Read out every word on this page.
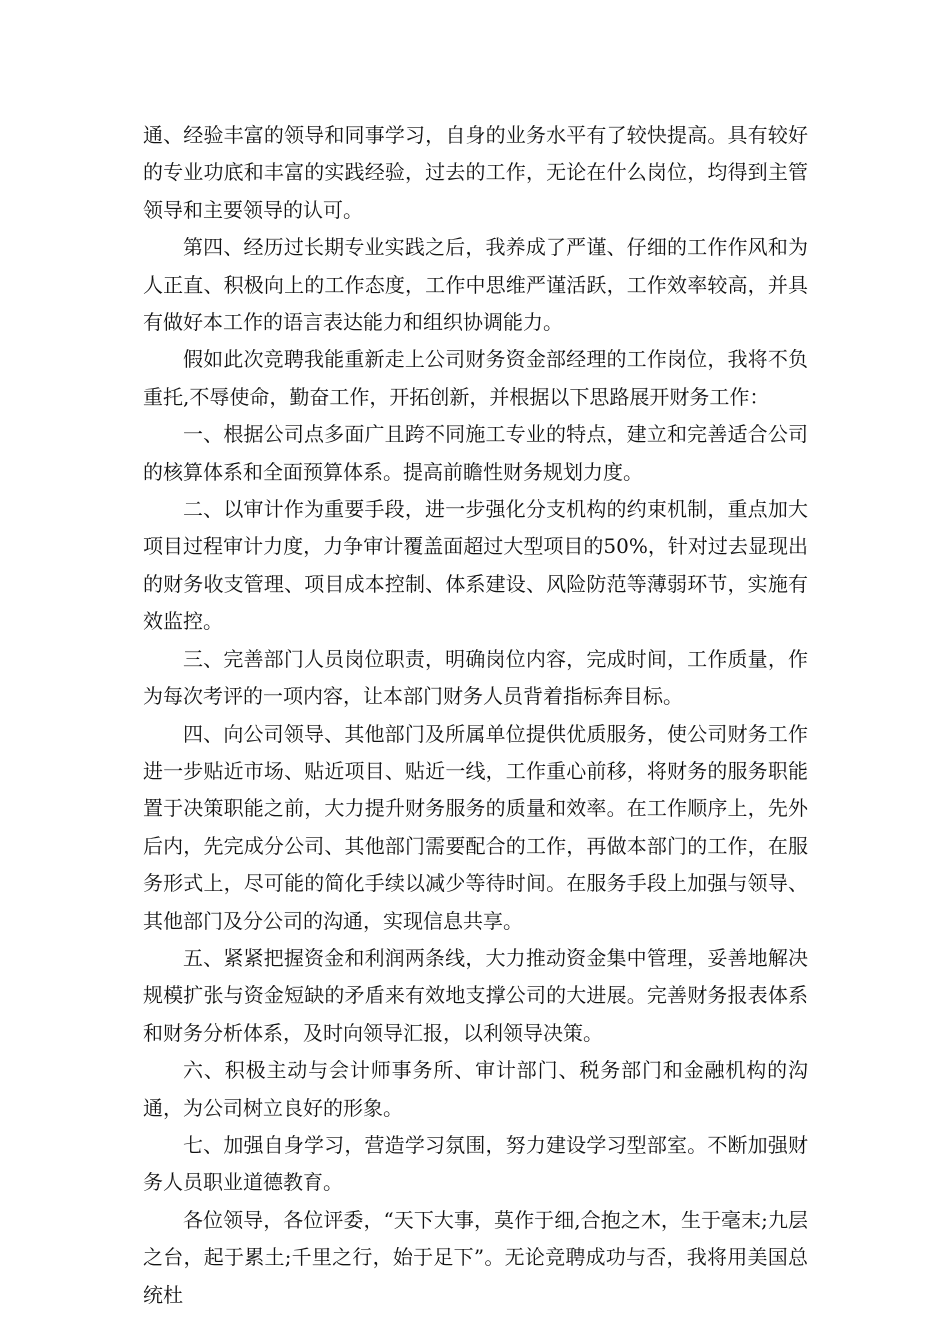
通、经验丰富的领导和同事学习，自身的业务水平有了较快提高。具有较好的专业功底和丰富的实践经验，过去的工作，无论在什么岗位，均得到主管领导和主要领导的认可。

第四、经历过长期专业实践之后，我养成了严谨、仔细的工作作风和为人正直、积极向上的工作态度，工作中思维严谨活跃，工作效率较高，并具有做好本工作的语言表达能力和组织协调能力。

假如此次竞聘我能重新走上公司财务资金部经理的工作岗位，我将不负重托,不辱使命，勤奋工作，开拓创新，并根据以下思路展开财务工作：

一、根据公司点多面广且跨不同施工专业的特点，建立和完善适合公司的核算体系和全面预算体系。提高前瞻性财务规划力度。

二、以审计作为重要手段，进一步强化分支机构的约束机制，重点加大项目过程审计力度，力争审计覆盖面超过大型项目的50%，针对过去显现出的财务收支管理、项目成本控制、体系建设、风险防范等薄弱环节，实施有效监控。

三、完善部门人员岗位职责，明确岗位内容，完成时间，工作质量，作为每次考评的一项内容，让本部门财务人员背着指标奔目标。

四、向公司领导、其他部门及所属单位提供优质服务，使公司财务工作进一步贴近市场、贴近项目、贴近一线，工作重心前移，将财务的服务职能置于决策职能之前，大力提升财务服务的质量和效率。在工作顺序上，先外后内，先完成分公司、其他部门需要配合的工作，再做本部门的工作，在服务形式上，尽可能的简化手续以减少等待时间。在服务手段上加强与领导、其他部门及分公司的沟通，实现信息共享。

五、紧紧把握资金和利润两条线，大力推动资金集中管理，妥善地解决规模扩张与资金短缺的矛盾来有效地支撑公司的大进展。完善财务报表体系和财务分析体系，及时向领导汇报，以利领导决策。

六、积极主动与会计师事务所、审计部门、税务部门和金融机构的沟通，为公司树立良好的形象。

七、加强自身学习，营造学习氛围，努力建设学习型部室。不断加强财务人员职业道德教育。

各位领导，各位评委，“天下大事，莫作于细,合抱之木，生于毫末;九层之台，起于累土;千里之行，始于足下”。无论竞聘成功与否，我将用美国总统杜
